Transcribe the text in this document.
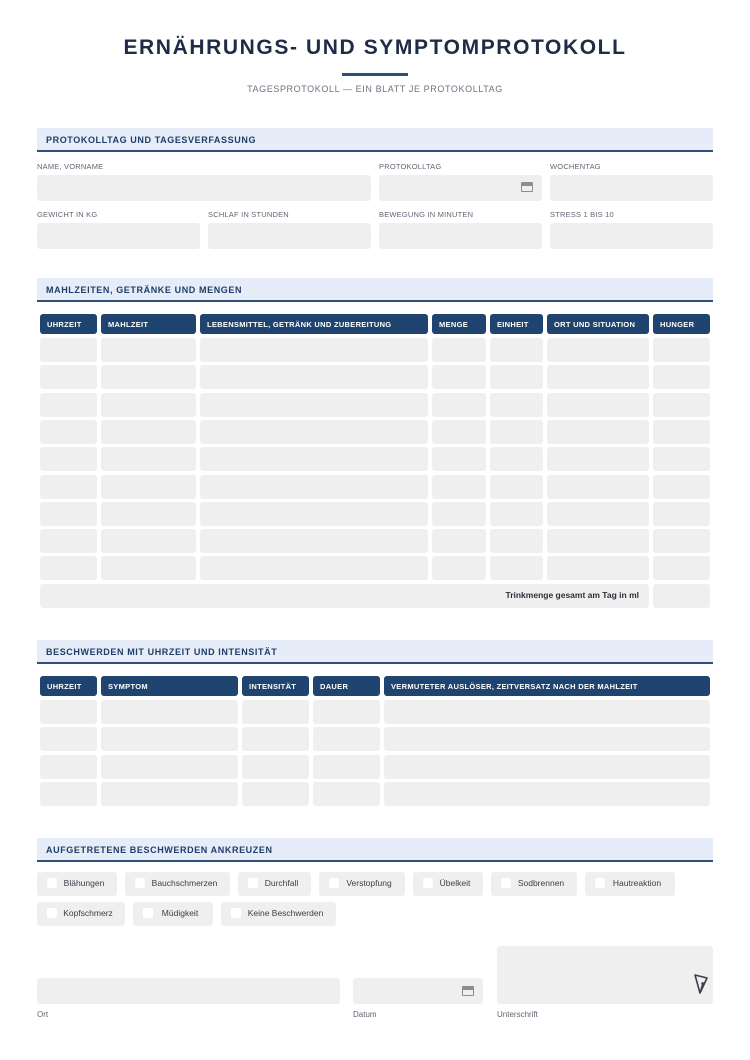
ERNÄHRUNGS- UND SYMPTOMPROTOKOLL
TAGESPROTOKOLL — EIN BLATT JE PROTOKOLLTAG
PROTOKOLLTAG UND TAGESVERFASSUNG
NAME, VORNAME	PROTOKOLLTAG	WOCHENTAG
GEWICHT IN KG	SCHLAF IN STUNDEN	BEWEGUNG IN MINUTEN	STRESS 1 BIS 10
MAHLZEITEN, GETRÄNKE UND MENGEN
UHRZEIT	MAHLZEIT	LEBENSMITTEL, GETRÄNK UND ZUBEREITUNG	MENGE	EINHEIT	ORT UND SITUATION	HUNGER
Trinkmenge gesamt am Tag in ml
BESCHWERDEN MIT UHRZEIT UND INTENSITÄT
UHRZEIT	SYMPTOM	INTENSITÄT	DAUER	VERMUTETER AUSLÖSER, ZEITVERSATZ NACH DER MAHLZEIT
AUFGETRETENE BESCHWERDEN ANKREUZEN
Blähungen	Bauchschmerzen	Durchfall	Verstopfung	Übelkeit	Sodbrennen	Hautreaktion
Kopfschmerz	Müdigkeit	Keine Beschwerden
Ort	Datum	Unterschrift
